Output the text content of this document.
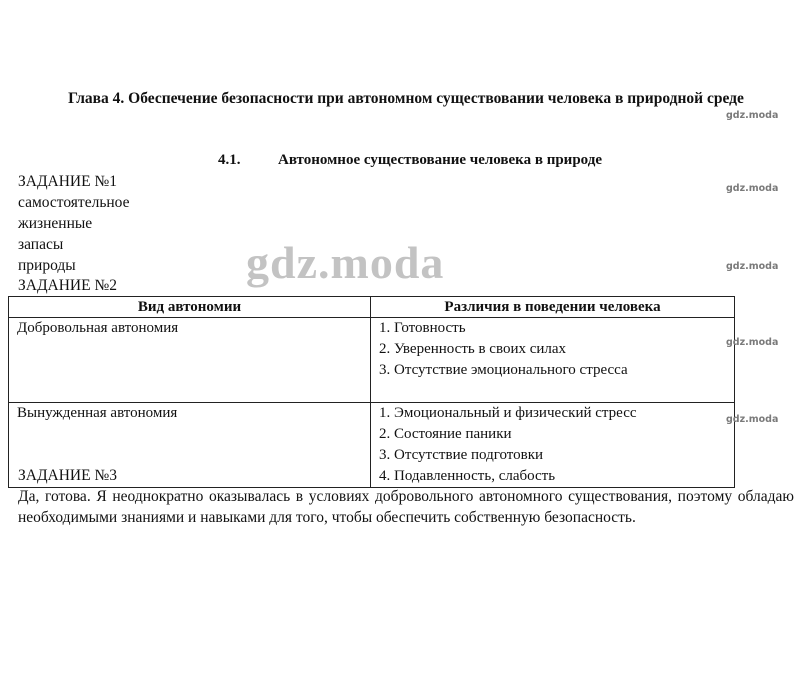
Глава 4. Обеспечение безопасности при автономном существовании человека в природной среде
4.1.	Автономное существование человека в природе
ЗАДАНИЕ №1
самостоятельное
жизненные
запасы
природы
ЗАДАНИЕ №2
Вид автономии	Различия в поведении человека
Добровольная автономия	1. Готовность
2. Уверенность в своих силах
3. Отсутствие эмоционального стресса

Вынужденная автономия	1. Эмоциональный и физический стресс
2. Состояние паники
3. Отсутствие подготовки
4. Подавленность, слабость
ЗАДАНИЕ №3
Да, готова. Я неоднократно оказывалась в условиях добровольного автономного существования, поэтому обладаю необходимыми знаниями и навыками для того, чтобы обеспечить собственную безопасность.
gdz.moda
gdz.moda
gdz.moda
gdz.moda
gdz.moda
gdz.moda
